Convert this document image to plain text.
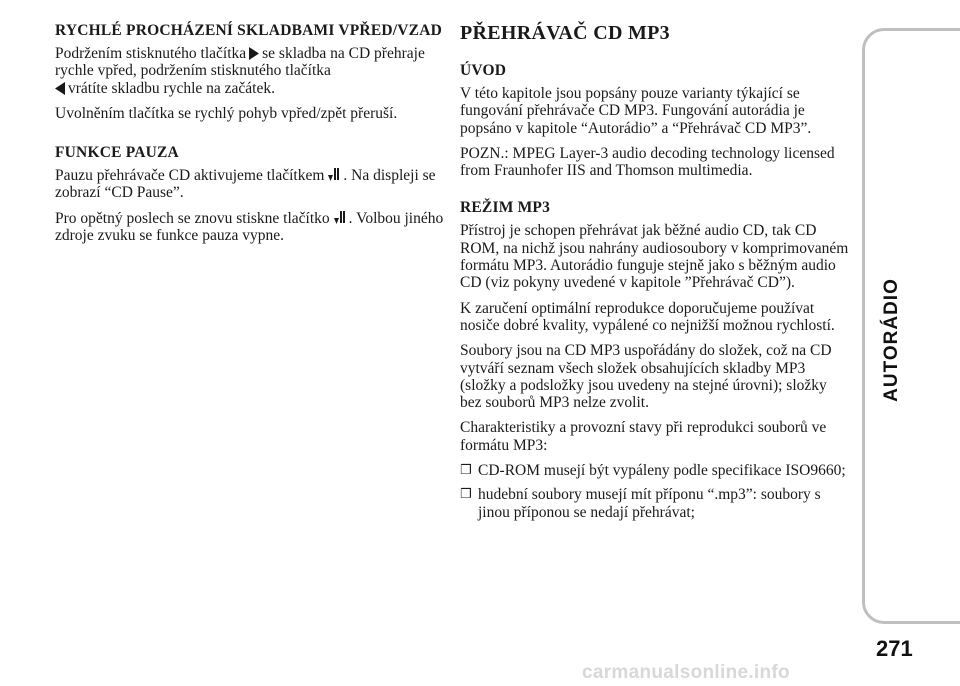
RYCHLÉ PROCHÁZENÍ SKLADBAMI VPŘED/VZAD

Podržením stisknutého tlačítka se skladba na CD přehraje rychle vpřed, podržením stisknutého tlačítka
vrátíte skladbu rychle na začátek.

Uvolněním tlačítka se rychlý pohyb vpřed/zpět přeruší.

FUNKCE PAUZA

Pauzu přehrávače CD aktivujeme tlačítkem . Na displeji se zobrazí “CD Pause”.

Pro opětný poslech se znovu stiskne tlačítko . Volbou jiného zdroje zvuku se funkce pauza vypne.

PŘEHRÁVAČ CD MP3
ÚVOD

V této kapitole jsou popsány pouze varianty týkající se fungování přehrávače CD MP3. Fungování autorádia je popsáno v kapitole “Autorádio” a “Přehrávač CD MP3”.

POZN.: MPEG Layer-3 audio decoding technology licensed from Fraunhofer IIS and Thomson multimedia.

REŽIM MP3

Přístroj je schopen přehrávat jak běžné audio CD, tak CD ROM, na nichž jsou nahrány audiosoubory v komprimovaném formátu MP3. Autorádio funguje stejně jako s běžným audio CD (viz pokyny uvedené v kapitole ”Přehrávač CD”).

K zaručení optimální reprodukce doporučujeme používat nosiče dobré kvality, vypálené co nejnižší možnou rychlostí.

Soubory jsou na CD MP3 uspořádány do složek, což na CD vytváří seznam všech složek obsahujících skladby MP3 (složky a podsložky jsou uvedeny na stejné úrovni); složky bez souborů MP3 nelze zvolit.

Charakteristiky a provozní stavy při reprodukci souborů ve formátu MP3:

❒ CD-ROM musejí být vypáleny podle specifikace ISO9660;
❒ hudební soubory musejí mít příponu “.mp3”: soubory s jinou příponou se nedají přehrávat;
AUTORÁDIO
271
carmanualsonline.info
